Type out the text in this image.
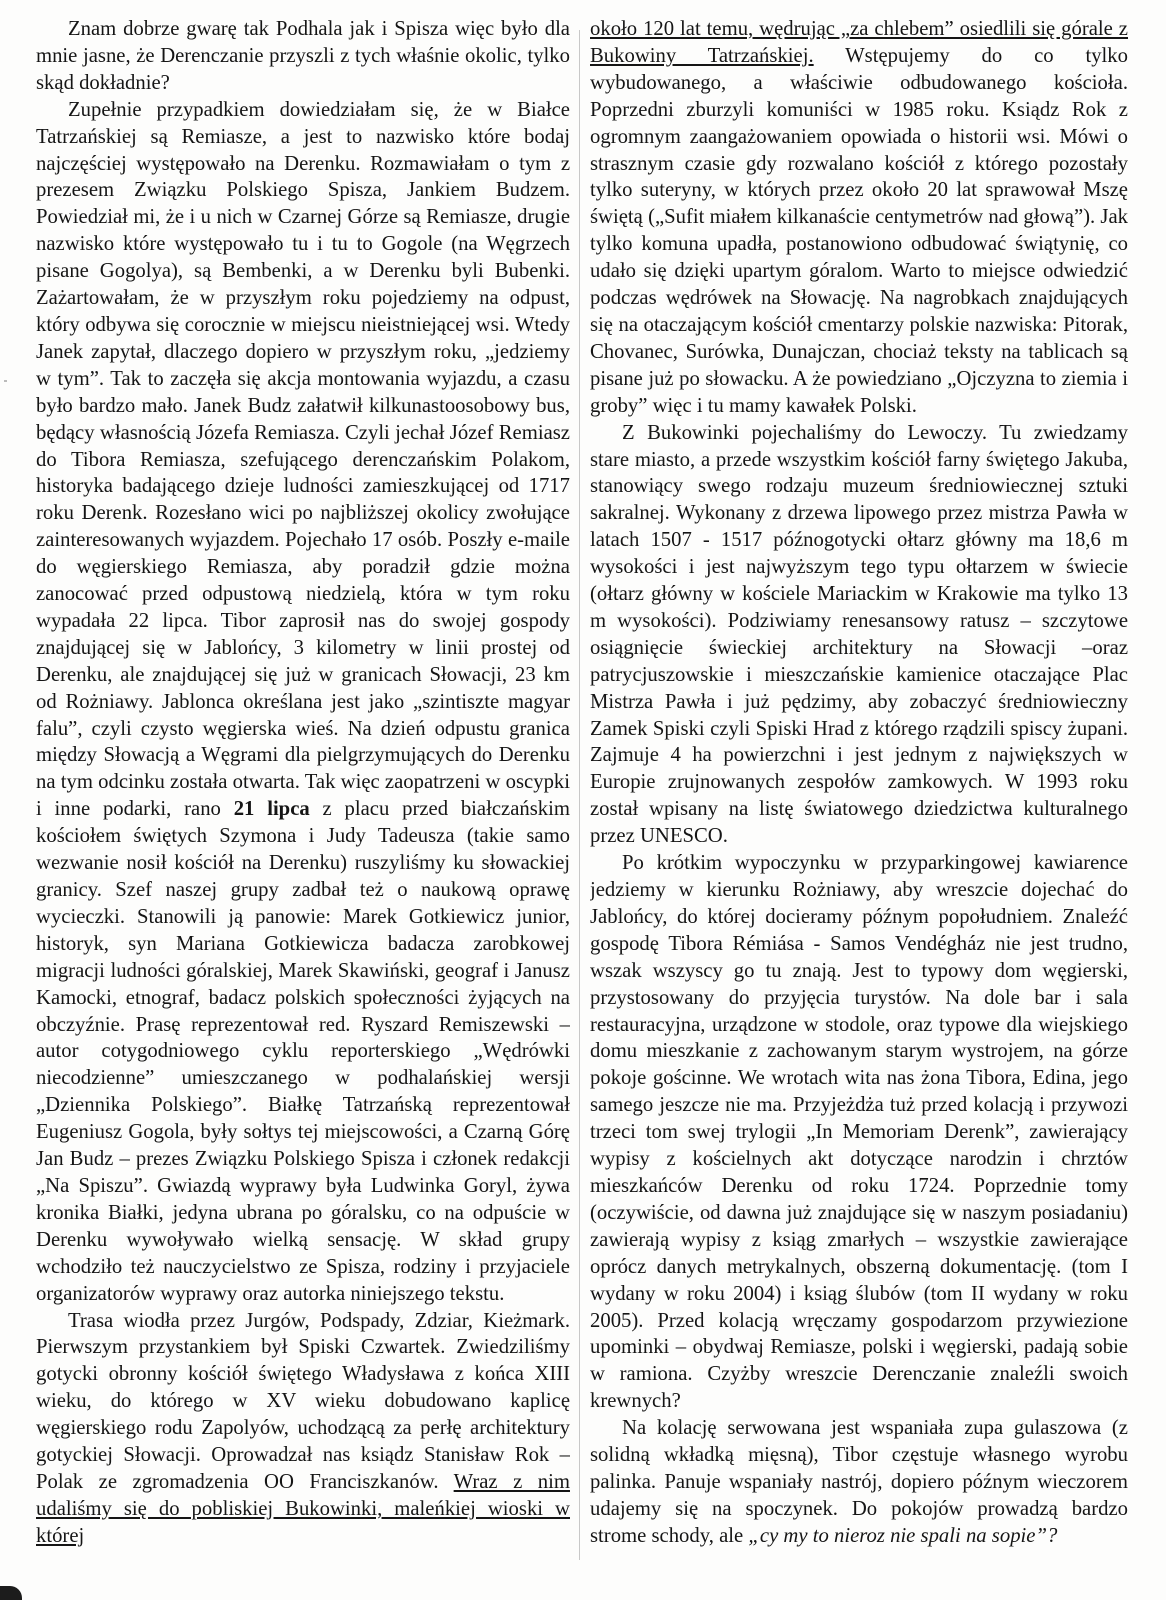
Znam dobrze gwarę tak Podhala jak i Spisza więc było dla mnie jasne, że Derenczanie przyszli z tych właśnie okolic, tylko skąd dokładnie?

Zupełnie przypadkiem dowiedziałam się, że w Białce Tatrzańskiej są Remiasze, a jest to nazwisko które bodaj najczęściej występowało na Derenku. Rozmawiałam o tym z prezesem Związku Polskiego Spisza, Jankiem Budzem. Powiedział mi, że i u nich w Czarnej Górze są Remiasze, drugie nazwisko które występowało tu i tu to Gogole (na Węgrzech pisane Gogolya), są Bembenki, a w Derenku byli Bubenki. Zażartowałam, że w przyszłym roku pojedziemy na odpust, który odbywa się corocznie w miejscu nieistniejącej wsi. Wtedy Janek zapytał, dlaczego dopiero w przyszłym roku, „jedziemy w tym”. Tak to zaczęła się akcja montowania wyjazdu, a czasu było bardzo mało. Janek Budz załatwił kilkunastoosobowy bus, będący własnością Józefa Remiasza. Czyli jechał Józef Remiasz do Tibora Remiasza, szefującego derenczańskim Polakom, historyka badającego dzieje ludności zamieszkującej od 1717 roku Derenk. Rozesłano wici po najbliższej okolicy zwołujące zainteresowanych wyjazdem. Pojechało 17 osób. Poszły e-maile do węgierskiego Remiasza, aby poradził gdzie można zanocować przed odpustową niedzielą, która w tym roku wypadała 22 lipca. Tibor zaprosił nas do swojej gospody znajdującej się w Jablońcy, 3 kilometry w linii prostej od Derenku, ale znajdującej się już w granicach Słowacji, 23 km od Rożniawy. Jablonca określana jest jako „szintiszte magyar falu”, czyli czysto węgierska wieś. Na dzień odpustu granica między Słowacją a Węgrami dla pielgrzymujących do Derenku na tym odcinku została otwarta. Tak więc zaopatrzeni w oscypki i inne podarki, rano 21 lipca z placu przed białczańskim kościołem świętych Szymona i Judy Tadeusza (takie samo wezwanie nosił kościół na Derenku) ruszyliśmy ku słowackiej granicy. Szef naszej grupy zadbał też o naukową oprawę wycieczki. Stanowili ją panowie: Marek Gotkiewicz junior, historyk, syn Mariana Gotkiewicza badacza zarobkowej migracji ludności góralskiej, Marek Skawiński, geograf i Janusz Kamocki, etnograf, badacz polskich społeczności żyjących na obczyźnie. Prasę reprezentował red. Ryszard Remiszewski – autor cotygodniowego cyklu reporterskiego „Wędrówki niecodzienne” umieszczanego w podhalańskiej wersji „Dziennika Polskiego”. Białkę Tatrzańską reprezentował Eugeniusz Gogola, były sołtys tej miejscowości, a Czarną Górę Jan Budz – prezes Związku Polskiego Spisza i członek redakcji „Na Spiszu”. Gwiazdą wyprawy była Ludwinka Goryl, żywa kronika Białki, jedyna ubrana po góralsku, co na odpuście w Derenku wywoływało wielką sensację. W skład grupy wchodziło też nauczycielstwo ze Spisza, rodziny i przyjaciele organizatorów wyprawy oraz autorka niniejszego tekstu.

Trasa wiodła przez Jurgów, Podspady, Zdziar, Kieżmark. Pierwszym przystankiem był Spiski Czwartek. Zwiedziliśmy gotycki obronny kościół świętego Władysława z końca XIII wieku, do którego w XV wieku dobudowano kaplicę węgierskiego rodu Zapolyów, uchodzącą za perłę architektury gotyckiej Słowacji. Oprowadzał nas ksiądz Stanisław Rok – Polak ze zgromadzenia OO Franciszkanów. Wraz z nim udaliśmy się do pobliskiej Bukowinki, maleńkiej wioski w której

około 120 lat temu, wędrując „za chlebem” osiedlili się górale z Bukowiny Tatrzańskiej. Wstępujemy do co tylko wybudowanego, a właściwie odbudowanego kościoła. Poprzedni zburzyli komuniści w 1985 roku. Ksiądz Rok z ogromnym zaangażowaniem opowiada o historii wsi. Mówi o strasznym czasie gdy rozwalano kościół z którego pozostały tylko suteryny, w których przez około 20 lat sprawował Mszę świętą („Sufit miałem kilkanaście centymetrów nad głową”). Jak tylko komuna upadła, postanowiono odbudować świątynię, co udało się dzięki upartym góralom. Warto to miejsce odwiedzić podczas wędrówek na Słowację. Na nagrobkach znajdujących się na otaczającym kościół cmentarzy polskie nazwiska: Pitorak, Chovanec, Surówka, Dunajczan, chociaż teksty na tablicach są pisane już po słowacku. A że powiedziano „Ojczyzna to ziemia i groby” więc i tu mamy kawałek Polski.

Z Bukowinki pojechaliśmy do Lewoczy. Tu zwiedzamy stare miasto, a przede wszystkim kościół farny świętego Jakuba, stanowiący swego rodzaju muzeum średniowiecznej sztuki sakralnej. Wykonany z drzewa lipowego przez mistrza Pawła w latach 1507 - 1517 późnogotycki ołtarz główny ma 18,6 m wysokości i jest najwyższym tego typu ołtarzem w świecie (ołtarz główny w kościele Mariackim w Krakowie ma tylko 13 m wysokości). Podziwiamy renesansowy ratusz – szczytowe osiągnięcie świeckiej architektury na Słowacji –oraz patrycjuszowskie i mieszczańskie kamienice otaczające Plac Mistrza Pawła i już pędzimy, aby zobaczyć średniowieczny Zamek Spiski czyli Spiski Hrad z którego rządzili spiscy żupani. Zajmuje 4 ha powierzchni i jest jednym z największych w Europie zrujnowanych zespołów zamkowych. W 1993 roku został wpisany na listę światowego dziedzictwa kulturalnego przez UNESCO.

Po krótkim wypoczynku w przyparkingowej kawiarence jedziemy w kierunku Rożniawy, aby wreszcie dojechać do Jablońcy, do której docieramy późnym popołudniem. Znaleźć gospodę Tibora Rémiása - Samos Vendégház nie jest trudno, wszak wszyscy go tu znają. Jest to typowy dom węgierski, przystosowany do przyjęcia turystów. Na dole bar i sala restauracyjna, urządzone w stodole, oraz typowe dla wiejskiego domu mieszkanie z zachowanym starym wystrojem, na górze pokoje gościnne. We wrotach wita nas żona Tibora, Edina, jego samego jeszcze nie ma. Przyjeżdża tuż przed kolacją i przywozi trzeci tom swej trylogii „In Memoriam Derenk”, zawierający wypisy z kościelnych akt dotyczące narodzin i chrztów mieszkańców Derenku od roku 1724. Poprzednie tomy (oczywiście, od dawna już znajdujące się w naszym posiadaniu) zawierają wypisy z ksiąg zmarłych – wszystkie zawierające oprócz danych metrykalnych, obszerną dokumentację. (tom I wydany w roku 2004) i ksiąg ślubów (tom II wydany w roku 2005). Przed kolacją wręczamy gospodarzom przywiezione upominki – obydwaj Remiasze, polski i węgierski, padają sobie w ramiona. Czyżby wreszcie Derenczanie znaleźli swoich krewnych?

Na kolację serwowana jest wspaniała zupa gulaszowa (z solidną wkładką mięsną), Tibor częstuje własnego wyrobu palinka. Panuje wspaniały nastrój, dopiero późnym wieczorem udajemy się na spoczynek. Do pokojów prowadzą bardzo strome schody, ale „cy my to nieroz nie spali na sopie”?
